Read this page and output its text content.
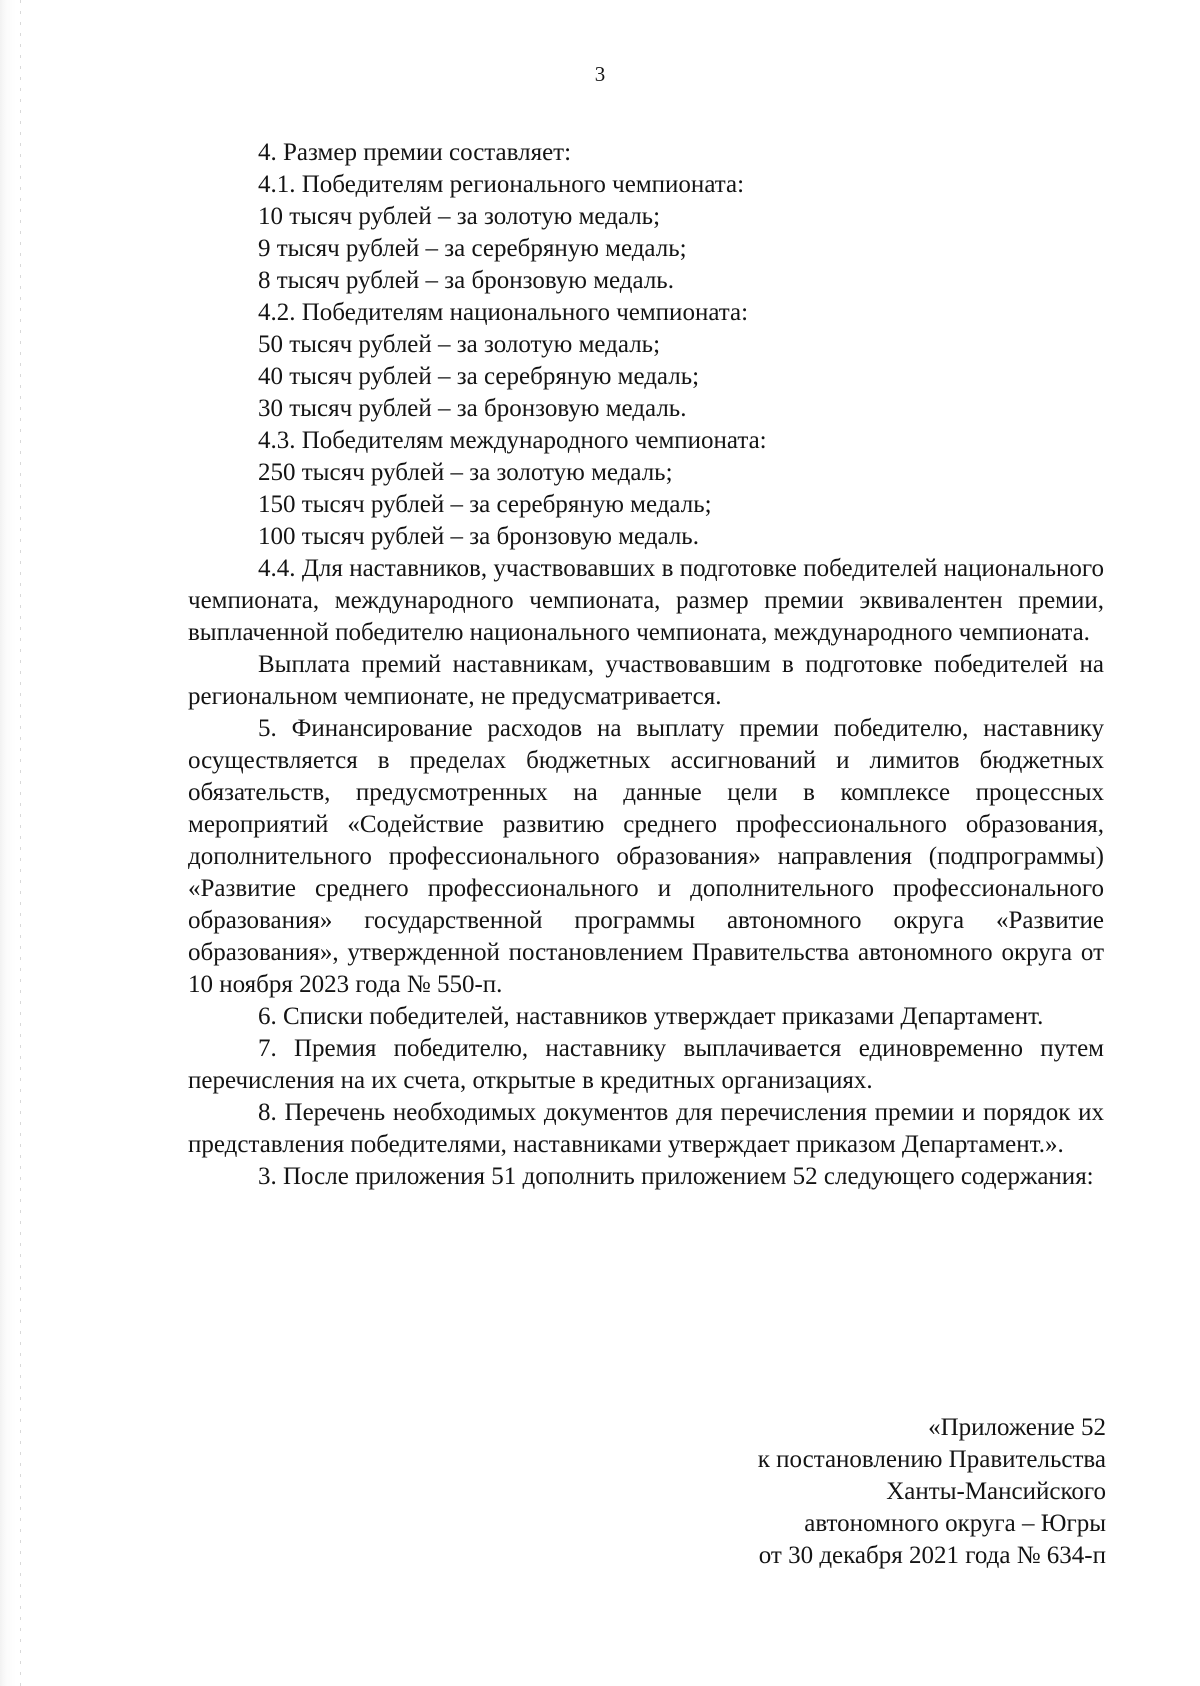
3

4. Размер премии составляет:

4.1. Победителям регионального чемпионата:

10 тысяч рублей – за золотую медаль;

9 тысяч рублей – за серебряную медаль;

8 тысяч рублей – за бронзовую медаль.

4.2. Победителям национального чемпионата:

50 тысяч рублей – за золотую медаль;

40 тысяч рублей – за серебряную медаль;

30 тысяч рублей – за бронзовую медаль.

4.3. Победителям международного чемпионата:

250 тысяч рублей – за золотую медаль;

150 тысяч рублей – за серебряную медаль;

100 тысяч рублей – за бронзовую медаль.

4.4. Для наставников, участвовавших в подготовке победителей национального чемпионата, международного чемпионата, размер премии эквивалентен премии, выплаченной победителю национального чемпионата, международного чемпионата.

Выплата премий наставникам, участвовавшим в подготовке победителей на региональном чемпионате, не предусматривается.

5. Финансирование расходов на выплату премии победителю, наставнику осуществляется в пределах бюджетных ассигнований и лимитов бюджетных обязательств, предусмотренных на данные цели в комплексе процессных мероприятий «Содействие развитию среднего профессионального образования, дополнительного профессионального образования» направления (подпрограммы) «Развитие среднего профессионального и дополнительного профессионального образования» государственной программы автономного округа «Развитие образования», утвержденной постановлением Правительства автономного округа от 10 ноября 2023 года № 550-п.

6. Списки победителей, наставников утверждает приказами Департамент.

7. Премия победителю, наставнику выплачивается единовременно путем перечисления на их счета, открытые в кредитных организациях.

8. Перечень необходимых документов для перечисления премии и порядок их представления победителями, наставниками утверждает приказом Департамент.».

3. После приложения 51 дополнить приложением 52 следующего содержания:

«Приложение 52

к постановлению Правительства

Ханты-Мансийского

автономного округа – Югры

от 30 декабря 2021 года № 634-п
